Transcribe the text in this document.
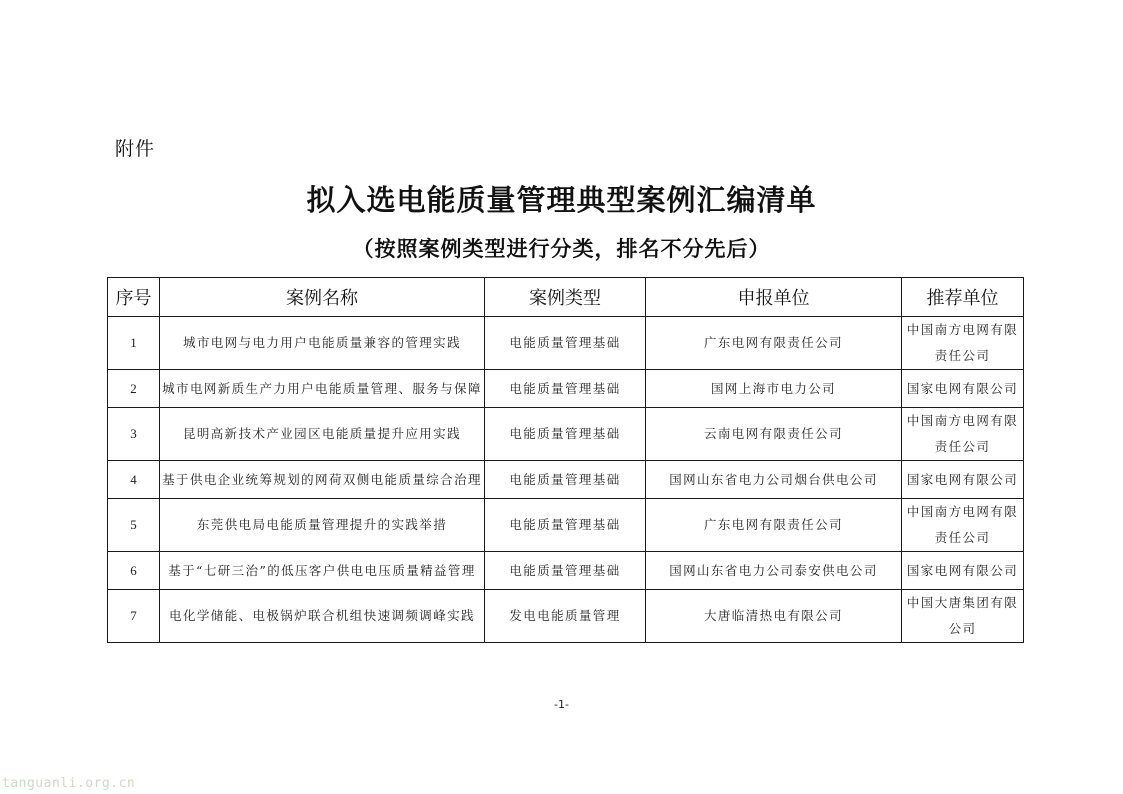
附件
拟入选电能质量管理典型案例汇编清单
（按照案例类型进行分类，排名不分先后）
序号	案例名称	案例类型	申报单位	推荐单位
1	城市电网与电力用户电能质量兼容的管理实践	电能质量管理基础	广东电网有限责任公司	中国南方电网有限
责任公司

2	城市电网新质生产力用户电能质量管理、服务与保障	电能质量管理基础	国网上海市电力公司	国家电网有限公司

3	昆明高新技术产业园区电能质量提升应用实践	电能质量管理基础	云南电网有限责任公司	中国南方电网有限
责任公司

4	基于供电企业统筹规划的网荷双侧电能质量综合治理	电能质量管理基础	国网山东省电力公司烟台供电公司	国家电网有限公司

5	东莞供电局电能质量管理提升的实践举措	电能质量管理基础	广东电网有限责任公司	中国南方电网有限
责任公司

6	基于“七研三治”的低压客户供电电压质量精益管理	电能质量管理基础	国网山东省电力公司泰安供电公司	国家电网有限公司

7	电化学储能、电极锅炉联合机组快速调频调峰实践	发电电能质量管理	大唐临清热电有限公司	中国大唐集团有限
公司
-1-
tanguanli.org.cn
